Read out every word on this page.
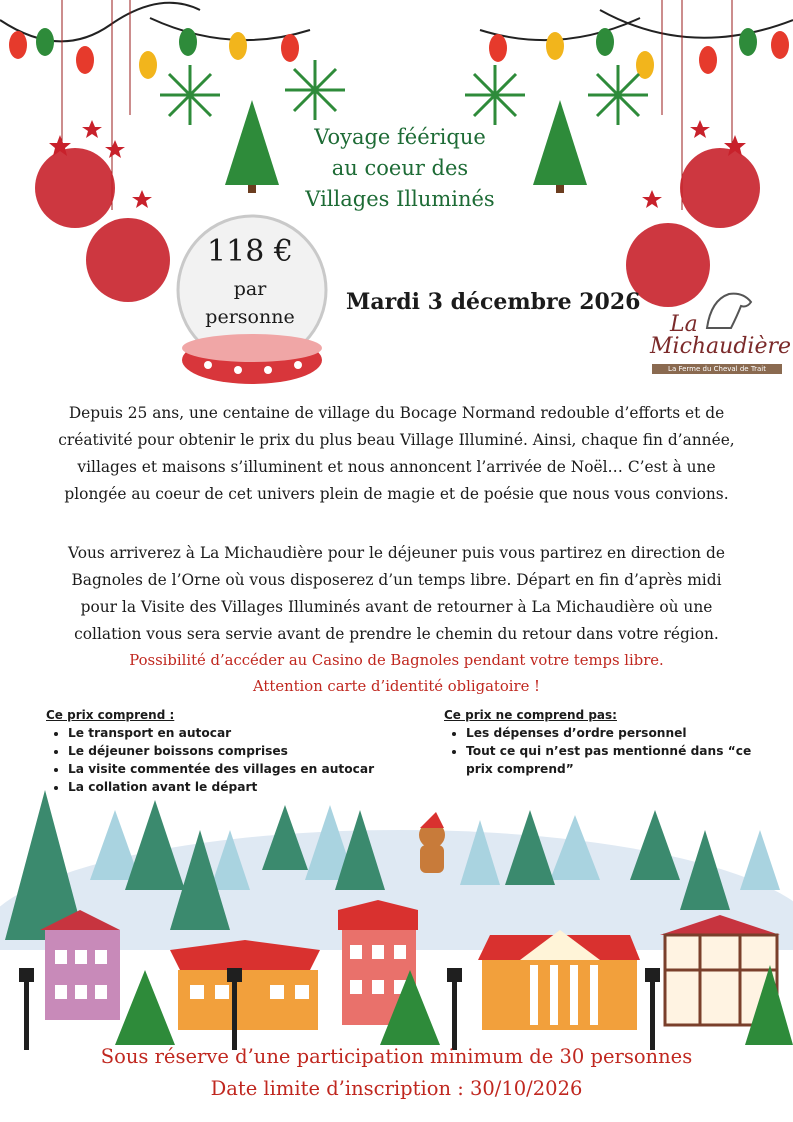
Voyage féérique
au coeur des
Villages Illuminés
118 €
par
personne
Mardi 3 décembre 2026
La
Michaudière
La Ferme du Cheval de Trait
Depuis 25 ans, une centaine de village du Bocage Normand redouble d’efforts et de
créativité pour obtenir le prix du plus beau Village Illuminé. Ainsi, chaque fin d’année,
villages et maisons s’illuminent et nous annoncent l’arrivée de Noël… C’est à une
plongée au coeur de cet univers plein de magie et de poésie que nous vous convions.
Vous arriverez à La Michaudière pour le déjeuner puis vous partirez en direction de
Bagnoles de l’Orne où vous disposerez d’un temps libre. Départ en fin d’après midi
pour la Visite des Villages Illuminés avant de retourner à La Michaudière où une
collation vous sera servie avant de prendre le chemin du retour dans votre région.
Possibilité d’accéder au Casino de Bagnoles pendant votre temps libre.
Attention carte d’identité obligatoire !
Ce prix comprend :
• Le transport en autocar
• Le déjeuner boissons comprises
• La visite commentée des villages en autocar
• La collation avant le départ
Ce prix ne comprend pas:
• Les dépenses d’ordre personnel
• Tout ce qui n’est pas mentionné dans “ce prix comprend”
Sous réserve d’une participation minimum de 30 personnes
Date limite d’inscription : 30/10/2026
